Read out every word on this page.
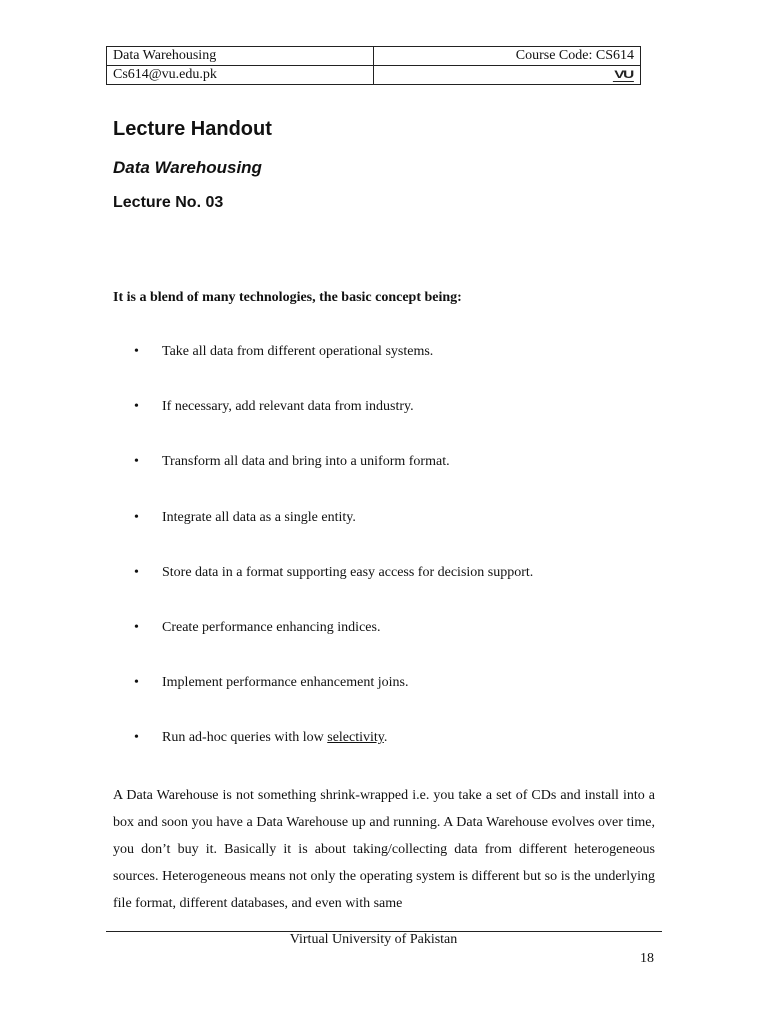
Data Warehousing	Course Code: CS614
Cs614@vu.edu.pk	VU
Lecture Handout
Data Warehousing
Lecture No. 03

It is a blend of many technologies, the basic concept being:

• Take all data from different operational systems.
• If necessary, add relevant data from industry.
• Transform all data and bring into a uniform format.
• Integrate all data as a single entity.
• Store data in a format supporting easy access for decision support.
• Create performance enhancing indices.
• Implement performance enhancement joins.
• Run ad-hoc queries with low selectivity.

A Data Warehouse is not something shrink-wrapped i.e. you take a set of CDs and install into a box and soon you have a Data Warehouse up and running. A Data Warehouse evolves over time, you don’t buy it. Basically it is about taking/collecting data from different heterogeneous sources. Heterogeneous means not only the operating system is different but so is the underlying file format, different databases, and even with same

Virtual University of Pakistan

18
